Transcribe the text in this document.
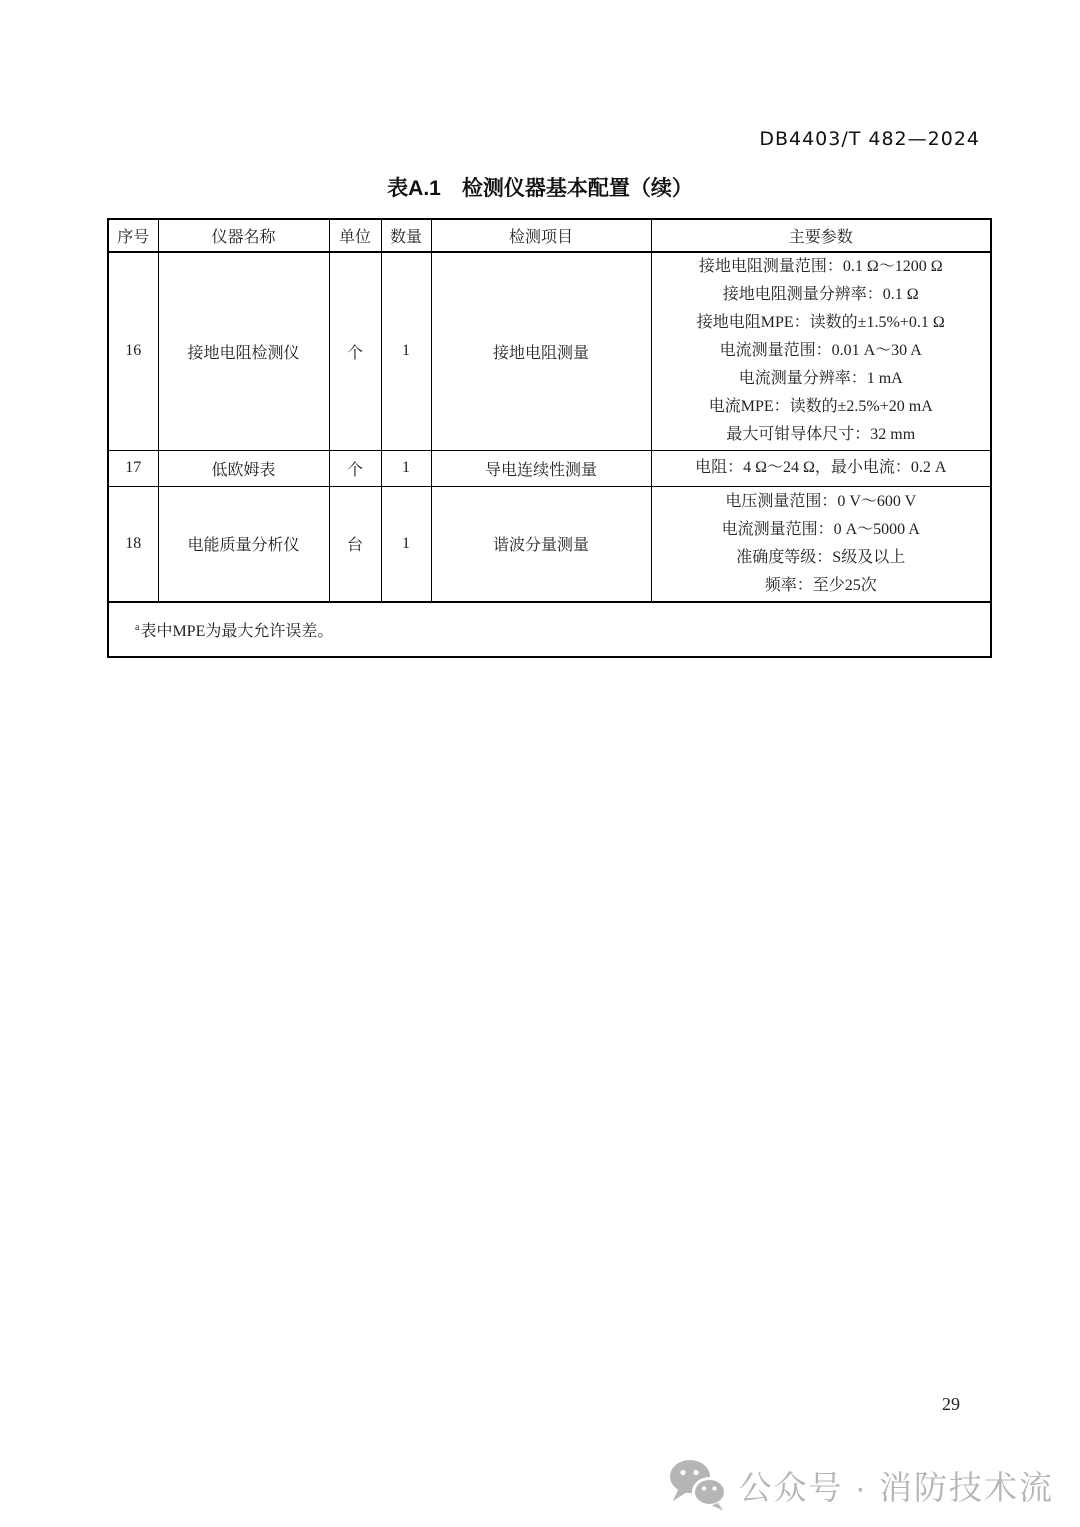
DB4403/T 482—2024
表A.1　检测仪器基本配置（续）
序号	仪器名称	单位	数量	检测项目	主要参数
16	接地电阻检测仪	个	1	接地电阻测量	
接地电阻测量范围：0.1 Ω～1200 Ω
接地电阻测量分辨率：0.1 Ω
接地电阻MPE：读数的±1.5%+0.1 Ω
电流测量范围：0.01 A～30 A
电流测量分辨率：1 mA
电流MPE：读数的±2.5%+20 mA
最大可钳导体尺寸：32 mm

17	低欧姆表	个	1	导电连续性测量	电阻：4 Ω～24 Ω，最小电流：0.2 A

18	电能质量分析仪	台	1	谐波分量测量	电压测量范围：0 V～600 V
电流测量范围：0 A～5000 A
准确度等级：S级及以上
频率：至少25次

$^a$表中MPE为最大允许误差。					
29
公众号 · 消防技术流
